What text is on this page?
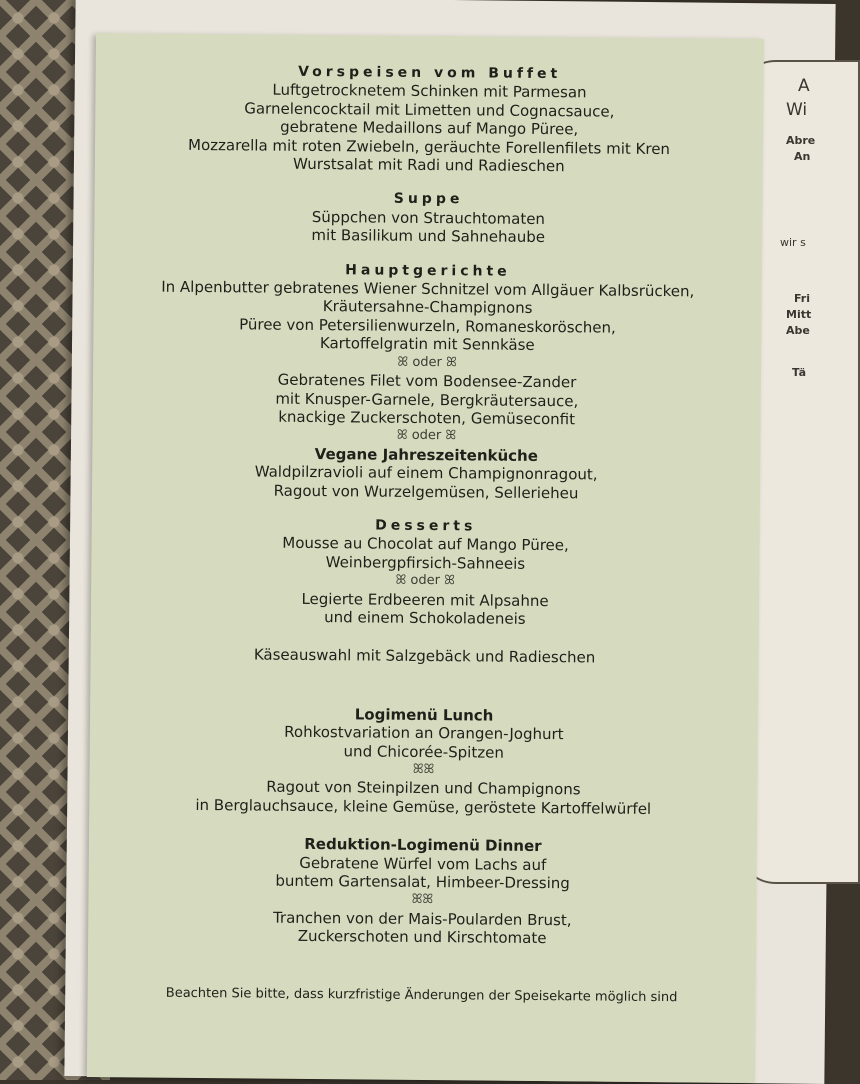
A
Wi
Abre
An
wir s
Fri
Mitt
Abe
Tä
Vorspeisen vom Buffet
Luftgetrocknetem Schinken mit Parmesan
Garnelencocktail mit Limetten und Cognacsauce,
gebratene Medaillons auf Mango Püree,
Mozzarella mit roten Zwiebeln, geräuchte Forellenfilets mit Kren
Wurstsalat mit Radi und Radieschen
Suppe
Süppchen von Strauchtomaten
mit Basilikum und Sahnehaube
Hauptgerichte
In Alpenbutter gebratenes Wiener Schnitzel vom Allgäuer Kalbsrücken,
Kräutersahne-Champignons
Püree von Petersilienwurzeln, Romaneskoröschen,
Kartoffelgratin mit Sennkäse
ꕤ oder ꕤ
Gebratenes Filet vom Bodensee-Zander
mit Knusper-Garnele, Bergkräutersauce,
knackige Zuckerschoten, Gemüseconfit
ꕤ oder ꕤ
Vegane Jahreszeitenküche
Waldpilzravioli auf einem Champignonragout,
Ragout von Wurzelgemüsen, Sellerieheu
Desserts
Mousse au Chocolat auf Mango Püree,
Weinbergpfirsich-Sahneeis
ꕤ oder ꕤ
Legierte Erdbeeren mit Alpsahne
und einem Schokoladeneis
Käseauswahl mit Salzgebäck und Radieschen
Logimenü Lunch
Rohkostvariation an Orangen-Joghurt
und Chicorée-Spitzen
ꕤꕤ
Ragout von Steinpilzen und Champignons
in Berglauchsauce, kleine Gemüse, geröstete Kartoffelwürfel
Reduktion-Logimenü Dinner
Gebratene Würfel vom Lachs auf
buntem Gartensalat, Himbeer-Dressing
ꕤꕤ
Tranchen von der Mais-Poularden Brust,
Zuckerschoten und Kirschtomate
Beachten Sie bitte, dass kurzfristige Änderungen der Speisekarte möglich sind
